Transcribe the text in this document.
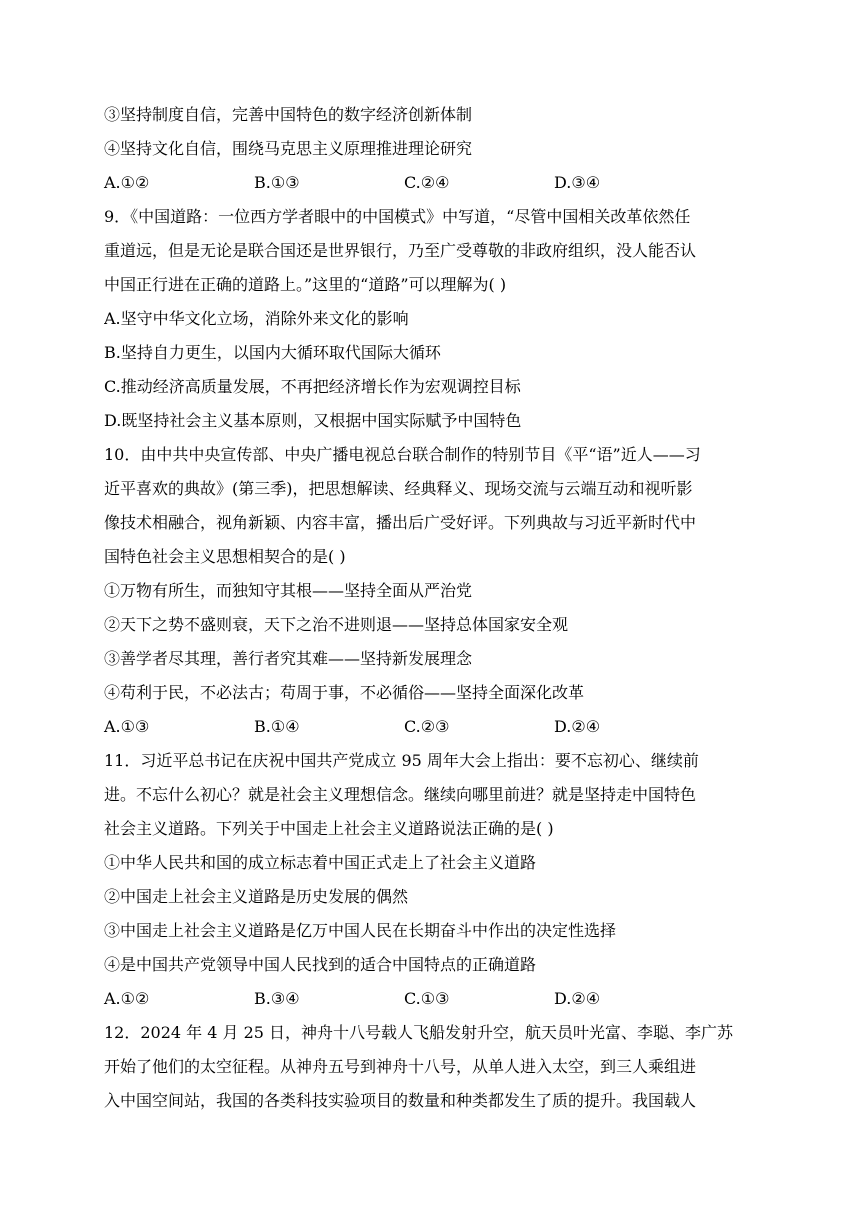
③坚持制度自信，完善中国特色的数字经济创新体制
④坚持文化自信，围绕马克思主义原理推进理论研究
A.①②	B.①③	C.②④	D.③④
9．《中国道路：一位西方学者眼中的中国模式》中写道，“尽管中国相关改革依然任
重道远，但是无论是联合国还是世界银行，乃至广受尊敬的非政府组织，没人能否认
中国正行进在正确的道路上。”这里的“道路”可以理解为( )
A.坚守中华文化立场，消除外来文化的影响
B.坚持自力更生，以国内大循环取代国际大循环
C.推动经济高质量发展，不再把经济增长作为宏观调控目标
D.既坚持社会主义基本原则，又根据中国实际赋予中国特色
10．由中共中央宣传部、中央广播电视总台联合制作的特别节目《平“语”近人——习
近平喜欢的典故》(第三季)，把思想解读、经典释义、现场交流与云端互动和视听影
像技术相融合，视角新颖、内容丰富，播出后广受好评。下列典故与习近平新时代中
国特色社会主义思想相契合的是( )
①万物有所生，而独知守其根——坚持全面从严治党
②天下之势不盛则衰，天下之治不进则退——坚持总体国家安全观
③善学者尽其理，善行者究其难——坚持新发展理念
④苟利于民，不必法古；苟周于事，不必循俗——坚持全面深化改革
A.①③	B.①④	C.②③	D.②④
11．习近平总书记在庆祝中国共产党成立 95 周年大会上指出：要不忘初心、继续前
进。不忘什么初心？就是社会主义理想信念。继续向哪里前进？就是坚持走中国特色
社会主义道路。下列关于中国走上社会主义道路说法正确的是( )
①中华人民共和国的成立标志着中国正式走上了社会主义道路
②中国走上社会主义道路是历史发展的偶然
③中国走上社会主义道路是亿万中国人民在长期奋斗中作出的决定性选择
④是中国共产党领导中国人民找到的适合中国特点的正确道路
A.①②	B.③④	C.①③	D.②④
12．2024 年 4 月 25 日，神舟十八号载人飞船发射升空，航天员叶光富、李聪、李广苏
开始了他们的太空征程。从神舟五号到神舟十八号，从单人进入太空，到三人乘组进
入中国空间站，我国的各类科技实验项目的数量和种类都发生了质的提升。我国载人
